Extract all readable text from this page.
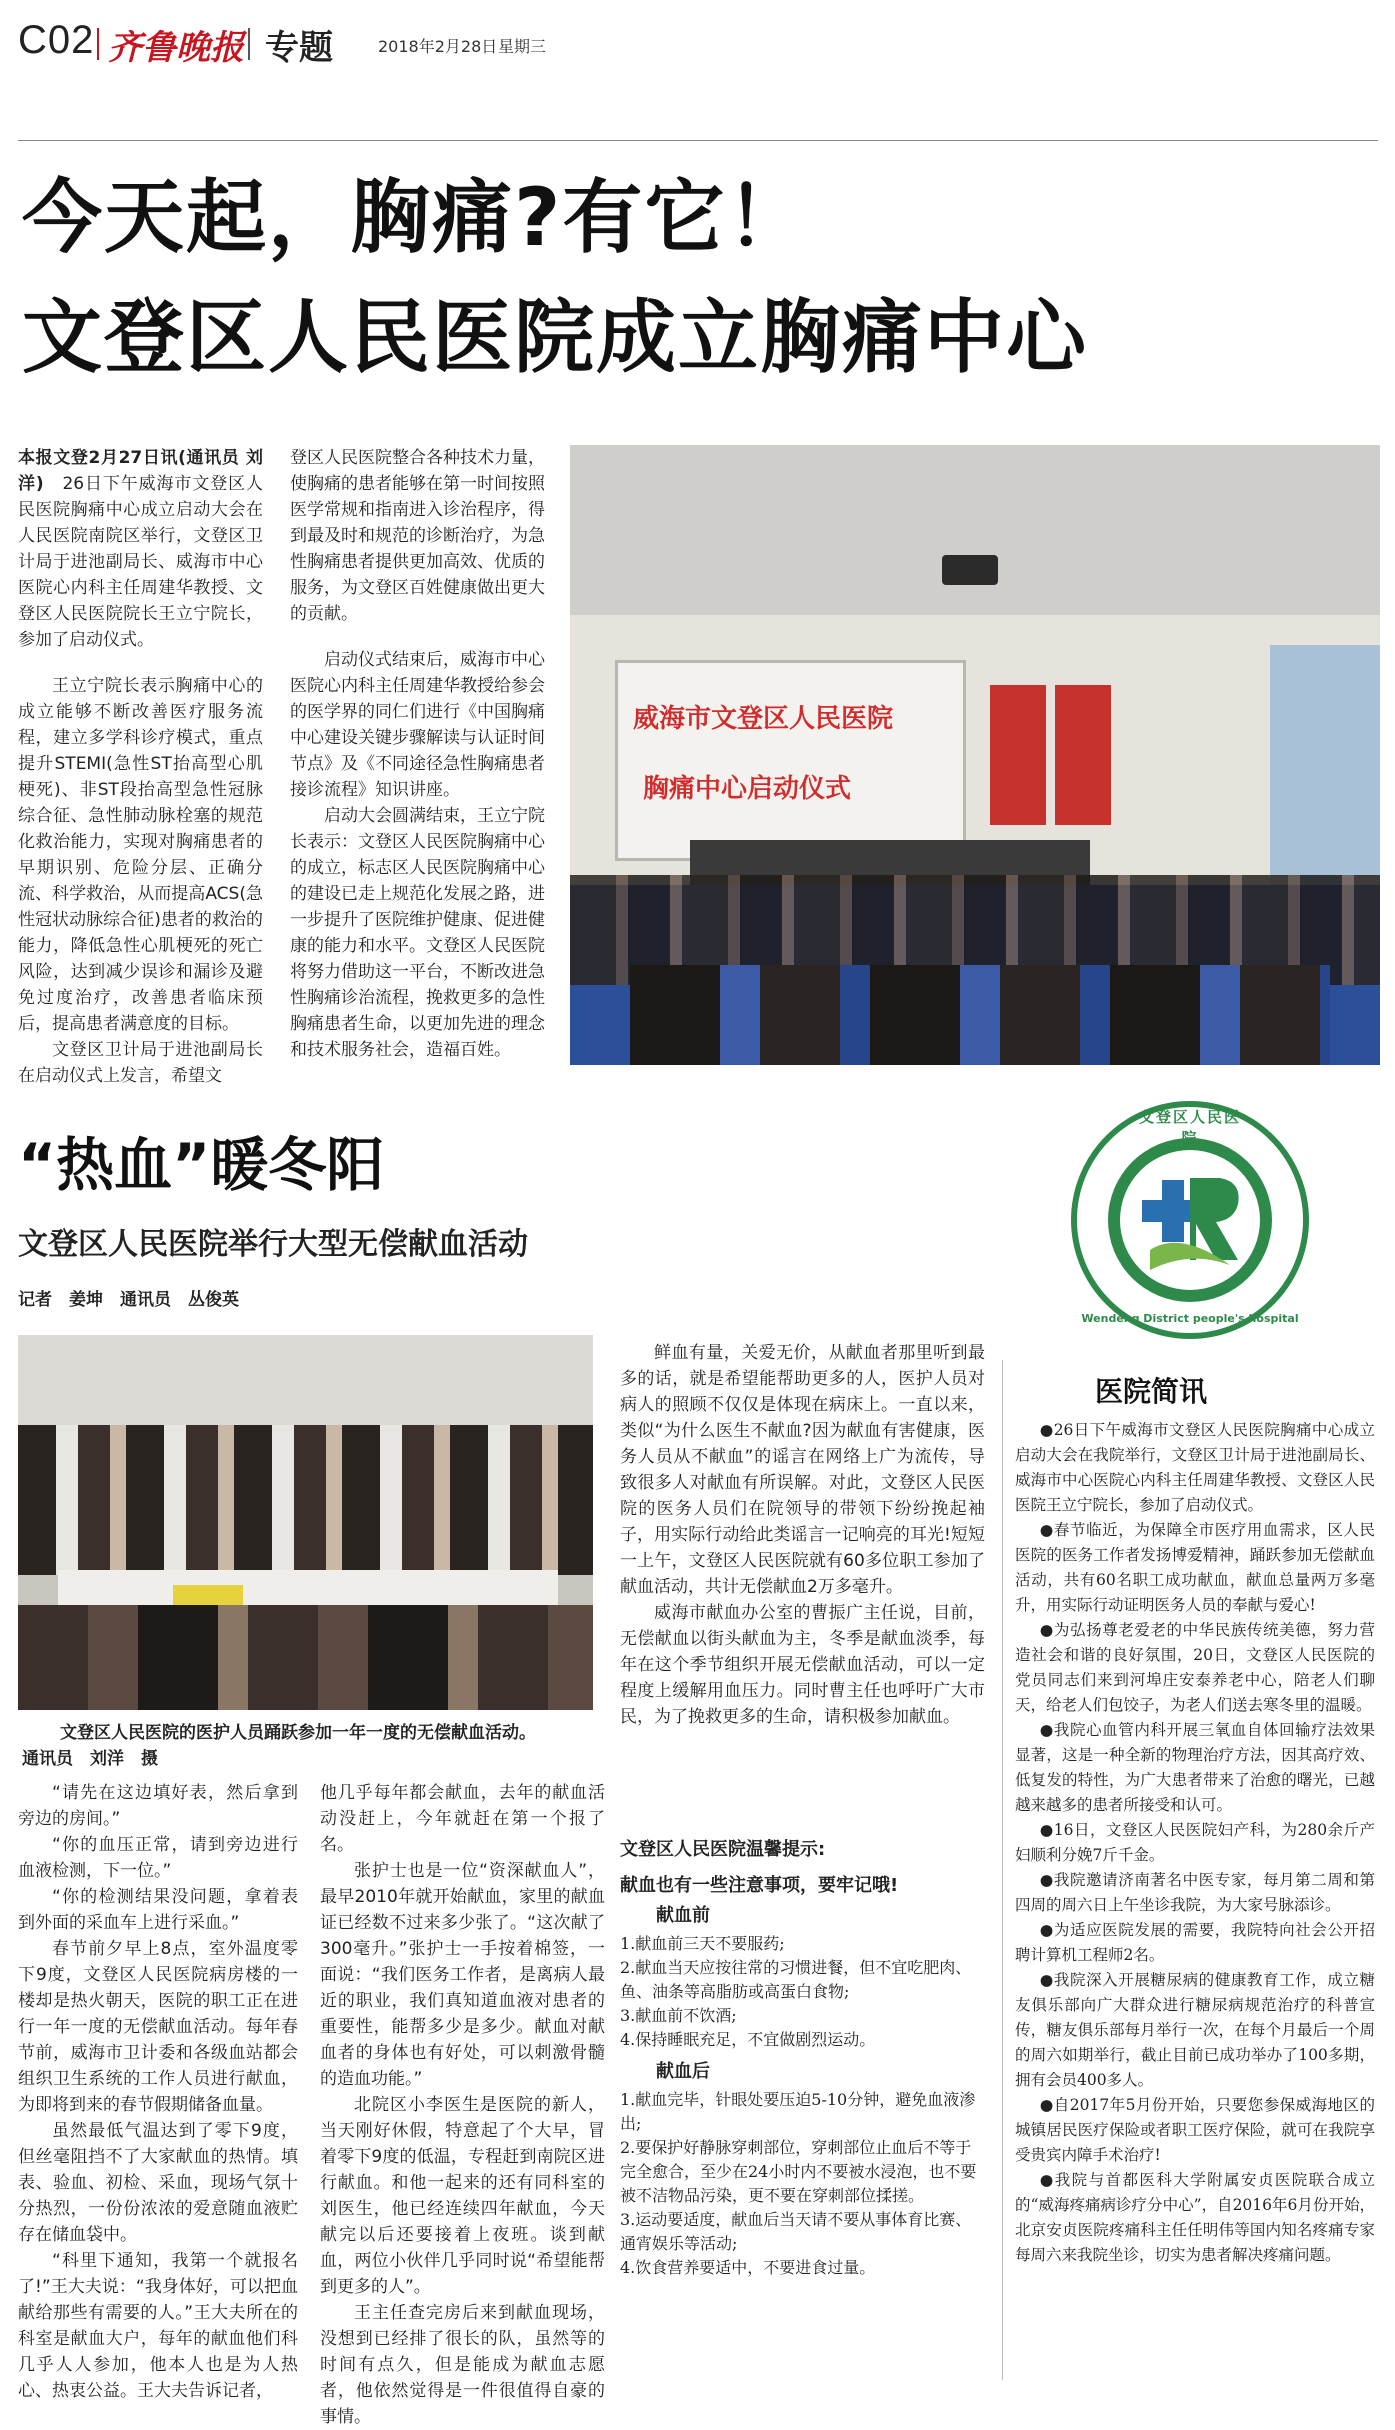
C02 齐鲁晚报 专题	2018年2月28日 星期三
今天起，胸痛?有它！
文登区人民医院成立胸痛中心

本报文登2月27日讯(通讯员 刘洋)　 26日下午威海市文登区人民医院胸痛中心成立启动大会在人民医院南院区举行，文登区卫计局于进池副局长、威海市中心医院心内科主任周建华教授、文登区人民医院院长王立宁院长，参加了启动仪式。

王立宁院长表示胸痛中心的成立能够不断改善医疗服务流程，建立多学科诊疗模式，重点提升STEMI(急性ST抬高型心肌梗死)、非ST段抬高型急性冠脉综合征、急性肺动脉栓塞的规范化救治能力，实现对胸痛患者的早期识别、危险分层、正确分流、科学救治，从而提高ACS(急性冠状动脉综合征)患者的救治的能力，降低急性心肌梗死的死亡风险，达到减少误诊和漏诊及避免过度治疗，改善患者临床预后，提高患者满意度的目标。

文登区卫计局于进池副局长在启动仪式上发言，希望文

登区人民医院整合各种技术力量，使胸痛的患者能够在第一时间按照医学常规和指南进入诊治程序，得到最及时和规范的诊断治疗，为急性胸痛患者提供更加高效、优质的服务，为文登区百姓健康做出更大的贡献。

启动仪式结束后，威海市中心医院心内科主任周建华教授给参会的医学界的同仁们进行《中国胸痛中心建设关键步骤解读与认证时间节点》及《不同途径急性胸痛患者接诊流程》知识讲座。

启动大会圆满结束，王立宁院长表示：文登区人民医院胸痛中心的成立，标志区人民医院胸痛中心的建设已走上规范化发展之路，进一步提升了医院维护健康、促进健康的能力和水平。文登区人民医院将努力借助这一平台，不断改进急性胸痛诊治流程，挽救更多的急性胸痛患者生命，以更加先进的理念和技术服务社会，造福百姓。

威海市文登区人民医院
胸痛中心启动仪式
“热血”暖冬阳
文登区人民医院举行大型无偿献血活动
记者　姜坤　通讯员　丛俊英
文登区人民医院
Wendeng District people's hospital
文登区人民医院的医护人员踊跃参加一年一度的无偿献血活动。
通讯员　刘洋　摄

“请先在这边填好表，然后拿到旁边的房间。”

“你的血压正常，请到旁边进行血液检测，下一位。”

“你的检测结果没问题，拿着表到外面的采血车上进行采血。”

春节前夕早上8点，室外温度零下9度，文登区人民医院病房楼的一楼却是热火朝天，医院的职工正在进行一年一度的无偿献血活动。每年春节前，威海市卫计委和各级血站都会组织卫生系统的工作人员进行献血，为即将到来的春节假期储备血量。

虽然最低气温达到了零下9度，但丝毫阻挡不了大家献血的热情。填表、验血、初检、采血，现场气氛十分热烈，一份份浓浓的爱意随血液贮存在储血袋中。

“科里下通知，我第一个就报名了!”王大夫说：“我身体好，可以把血献给那些有需要的人。”王大夫所在的科室是献血大户，每年的献血他们科几乎人人参加，他本人也是为人热心、热衷公益。王大夫告诉记者，

他几乎每年都会献血，去年的献血活动没赶上，今年就赶在第一个报了名。

张护士也是一位“资深献血人”，最早2010年就开始献血，家里的献血证已经数不过来多少张了。“这次献了300毫升。”张护士一手按着棉签，一面说：“我们医务工作者，是离病人最近的职业，我们真知道血液对患者的重要性，能帮多少是多少。献血对献血者的身体也有好处，可以刺激骨髓的造血功能。”

北院区小李医生是医院的新人，当天刚好休假，特意起了个大早，冒着零下9度的低温，专程赶到南院区进行献血。和他一起来的还有同科室的刘医生，他已经连续四年献血，今天献完以后还要接着上夜班。谈到献血，两位小伙伴几乎同时说“希望能帮到更多的人”。

王主任查完房后来到献血现场，没想到已经排了很长的队，虽然等的时间有点久，但是能成为献血志愿者，他依然觉得是一件很值得自豪的事情。

鲜血有量，关爱无价，从献血者那里听到最多的话，就是希望能帮助更多的人，医护人员对病人的照顾不仅仅是体现在病床上。一直以来，类似“为什么医生不献血?因为献血有害健康，医务人员从不献血”的谣言在网络上广为流传，导致很多人对献血有所误解。对此，文登区人民医院的医务人员们在院领导的带领下纷纷挽起袖子，用实际行动给此类谣言一记响亮的耳光!短短一上午，文登区人民医院就有60多位职工参加了献血活动，共计无偿献血2万多毫升。

威海市献血办公室的曹振广主任说，目前，无偿献血以街头献血为主，冬季是献血淡季，每年在这个季节组织开展无偿献血活动，可以一定程度上缓解用血压力。同时曹主任也呼吁广大市民，为了挽救更多的生命，请积极参加献血。

文登区人民医院温馨提示:

献血也有一些注意事项，要牢记哦!

献血前

1.献血前三天不要服药;

2.献血当天应按往常的习惯进餐，但不宜吃肥肉、鱼、油条等高脂肪或高蛋白食物;

3.献血前不饮酒;

4.保持睡眠充足，不宜做剧烈运动。

献血后

1.献血完毕，针眼处要压迫5-10分钟，避免血液渗出;

2.要保护好静脉穿刺部位，穿刺部位止血后不等于完全愈合，至少在24小时内不要被水浸泡，也不要被不洁物品污染，更不要在穿刺部位揉搓。

3.运动要适度，献血后当天请不要从事体育比赛、通宵娱乐等活动;

4.饮食营养要适中，不要进食过量。

医院简讯

●26日下午威海市文登区人民医院胸痛中心成立启动大会在我院举行，文登区卫计局于进池副局长、威海市中心医院心内科主任周建华教授、文登区人民医院王立宁院长，参加了启动仪式。

●春节临近，为保障全市医疗用血需求，区人民医院的医务工作者发扬博爱精神，踊跃参加无偿献血活动，共有60名职工成功献血，献血总量两万多毫升，用实际行动证明医务人员的奉献与爱心!

●为弘扬尊老爱老的中华民族传统美德，努力营造社会和谐的良好氛围，20日，文登区人民医院的党员同志们来到河埠庄安泰养老中心，陪老人们聊天，给老人们包饺子，为老人们送去寒冬里的温暖。

●我院心血管内科开展三氧血自体回输疗法效果显著，这是一种全新的物理治疗方法，因其高疗效、低复发的特性，为广大患者带来了治愈的曙光，已越越来越多的患者所接受和认可。

●16日，文登区人民医院妇产科，为280余斤产妇顺利分娩7斤千金。

●我院邀请济南著名中医专家，每月第二周和第四周的周六日上午坐诊我院，为大家号脉添诊。

●为适应医院发展的需要，我院特向社会公开招聘计算机工程师2名。

●我院深入开展糖尿病的健康教育工作，成立糖友俱乐部向广大群众进行糖尿病规范治疗的科普宣传，糖友俱乐部每月举行一次，在每个月最后一个周的周六如期举行，截止目前已成功举办了100多期，拥有会员400多人。

●自2017年5月份开始，只要您参保威海地区的城镇居民医疗保险或者职工医疗保险，就可在我院享受贵宾内障手术治疗!

●我院与首都医科大学附属安贞医院联合成立的“威海疼痛病诊疗分中心”，自2016年6月份开始，北京安贞医院疼痛科主任任明伟等国内知名疼痛专家每周六来我院坐诊，切实为患者解决疼痛问题。
